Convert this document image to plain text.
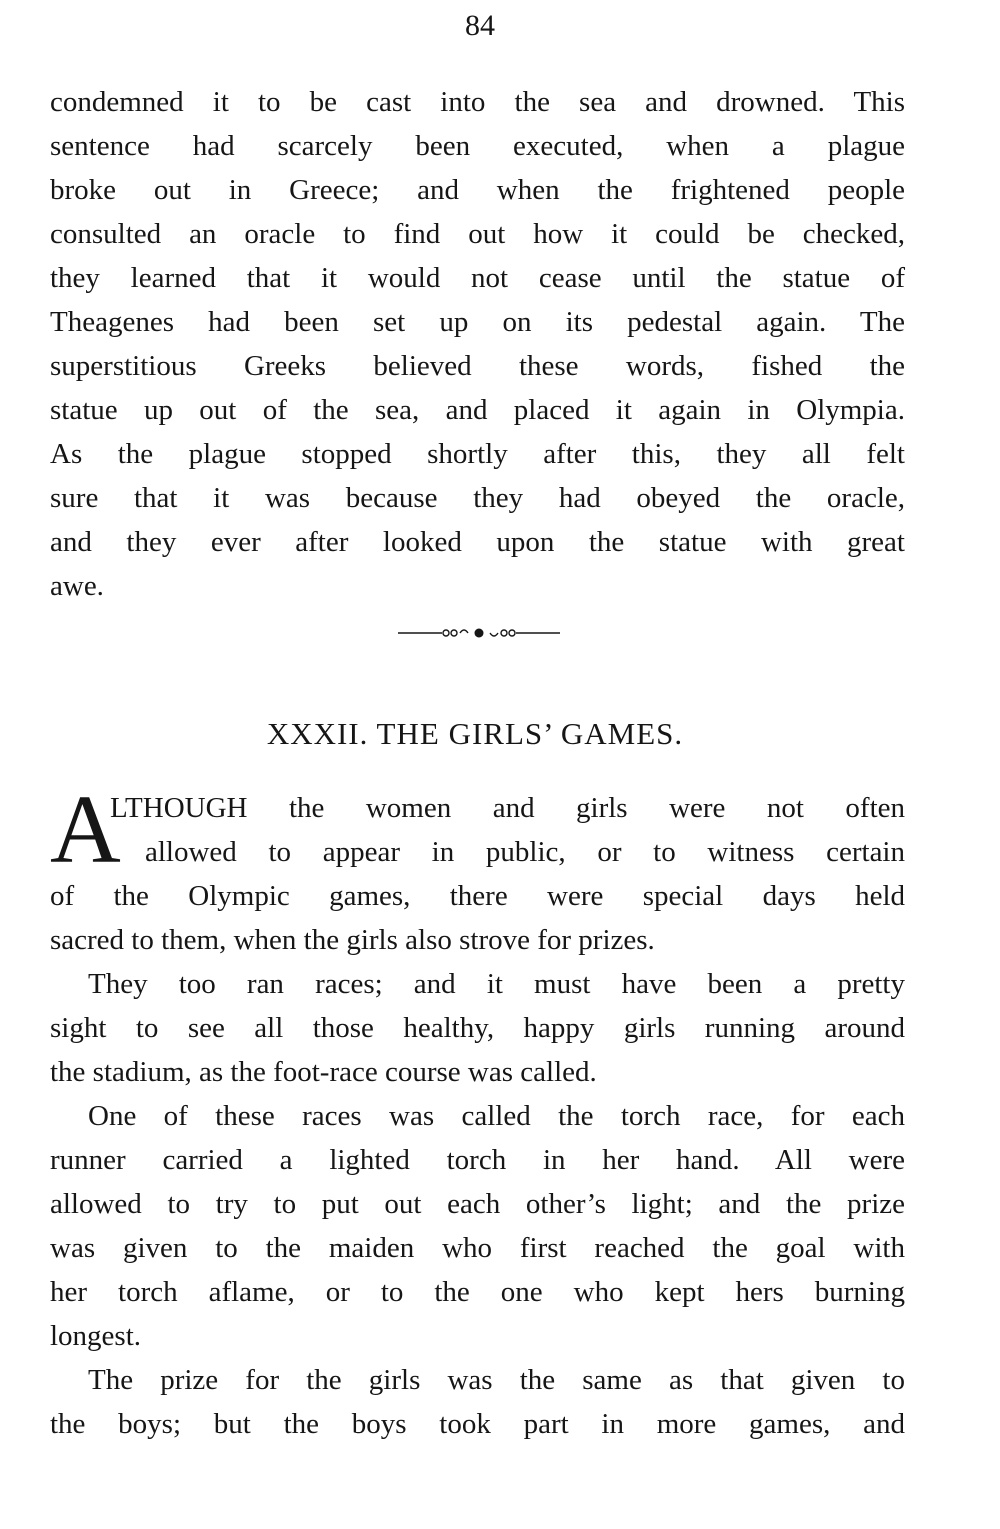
84
condemned it to be cast into the sea and drowned. This
sentence had scarcely been executed, when a plague
broke out in Greece; and when the frightened people
consulted an oracle to find out how it could be checked,
they learned that it would not cease until the statue of
Theagenes had been set up on its pedestal again. The
superstitious Greeks believed these words, fished the
statue up out of the sea, and placed it again in Olympia.
As the plague stopped shortly after this, they all felt
sure that it was because they had obeyed the oracle,
and they ever after looked upon the statue with great
awe.
XXXII. THE GIRLS’ GAMES.
A
LTHOUGH the women and girls were not often
allowed to appear in public, or to witness certain
of the Olympic games, there were special days held
sacred to them, when the girls also strove for prizes.
They too ran races; and it must have been a pretty
sight to see all those healthy, happy girls running around
the stadium, as the foot-race course was called.
One of these races was called the torch race, for each
runner carried a lighted torch in her hand. All were
allowed to try to put out each other’s light; and the prize
was given to the maiden who first reached the goal with
her torch aflame, or to the one who kept hers burning
longest.
The prize for the girls was the same as that given to
the boys; but the boys took part in more games, and
